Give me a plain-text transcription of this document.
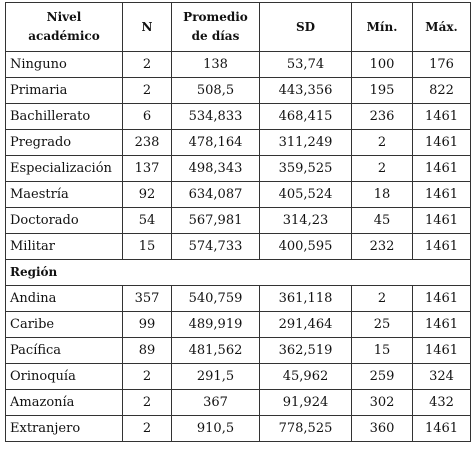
Nivel académico	N	Promedio de días	SD	Mín.	Máx.
Ninguno	2	138	53,74	100	176
Primaria	2	508,5	443,356	195	822
Bachillerato	6	534,833	468,415	236	1461
Pregrado	238	478,164	311,249	2	1461
Especialización	137	498,343	359,525	2	1461
Maestría	92	634,087	405,524	18	1461
Doctorado	54	567,981	314,23	45	1461
Militar	15	574,733	400,595	232	1461
Región					
Andina	357	540,759	361,118	2	1461
Caribe	99	489,919	291,464	25	1461
Pacífica	89	481,562	362,519	15	1461
Orinoquía	2	291,5	45,962	259	324
Amazonía	2	367	91,924	302	432
Extranjero	2	910,5	778,525	360	1461
